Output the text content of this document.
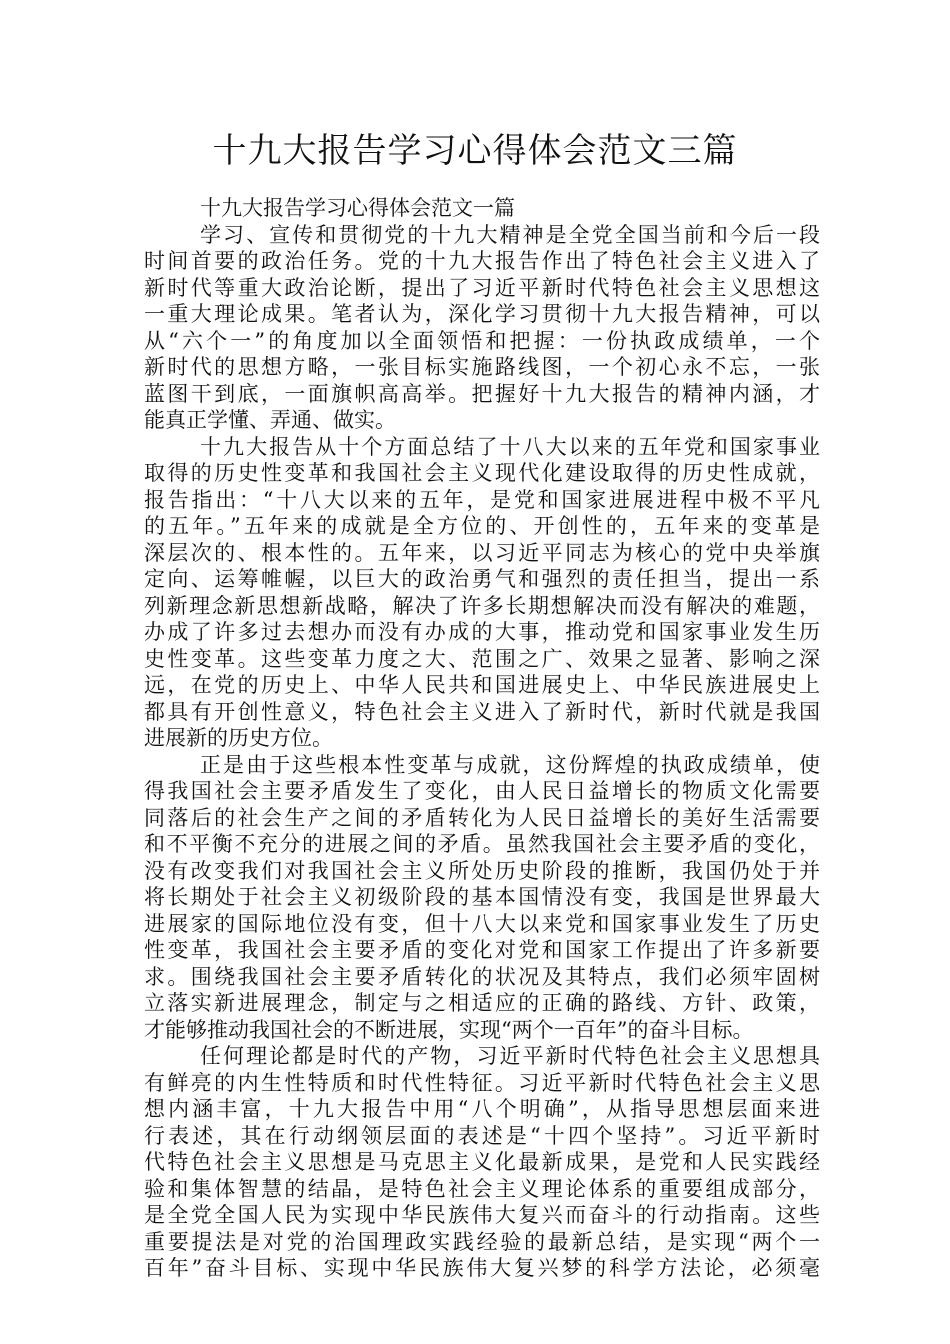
十九大报告学习心得体会范文三篇
十九大报告学习心得体会范文一篇
学习、宣传和贯彻党的十九大精神是全党全国当前和今后一段
时间首要的政治任务。党的十九大报告作出了特色社会主义进入了
新时代等重大政治论断，提出了习近平新时代特色社会主义思想这
一重大理论成果。笔者认为，深化学习贯彻十九大报告精神，可以
从“六个一”的角度加以全面领悟和把握：一份执政成绩单，一个
新时代的思想方略，一张目标实施路线图，一个初心永不忘，一张
蓝图干到底，一面旗帜高高举。把握好十九大报告的精神内涵，才
能真正学懂、弄通、做实。
十九大报告从十个方面总结了十八大以来的五年党和国家事业
取得的历史性变革和我国社会主义现代化建设取得的历史性成就，
报告指出：“十八大以来的五年，是党和国家进展进程中极不平凡
的五年。”五年来的成就是全方位的、开创性的，五年来的变革是
深层次的、根本性的。五年来，以习近平同志为核心的党中央举旗
定向、运筹帷幄，以巨大的政治勇气和强烈的责任担当，提出一系
列新理念新思想新战略，解决了许多长期想解决而没有解决的难题，
办成了许多过去想办而没有办成的大事，推动党和国家事业发生历
史性变革。这些变革力度之大、范围之广、效果之显著、影响之深
远，在党的历史上、中华人民共和国进展史上、中华民族进展史上
都具有开创性意义，特色社会主义进入了新时代，新时代就是我国
进展新的历史方位。
正是由于这些根本性变革与成就，这份辉煌的执政成绩单，使
得我国社会主要矛盾发生了变化，由人民日益增长的物质文化需要
同落后的社会生产之间的矛盾转化为人民日益增长的美好生活需要
和不平衡不充分的进展之间的矛盾。虽然我国社会主要矛盾的变化，
没有改变我们对我国社会主义所处历史阶段的推断，我国仍处于并
将长期处于社会主义初级阶段的基本国情没有变，我国是世界最大
进展家的国际地位没有变，但十八大以来党和国家事业发生了历史
性变革，我国社会主要矛盾的变化对党和国家工作提出了许多新要
求。围绕我国社会主要矛盾转化的状况及其特点，我们必须牢固树
立落实新进展理念，制定与之相适应的正确的路线、方针、政策，
才能够推动我国社会的不断进展，实现“两个一百年”的奋斗目标。
任何理论都是时代的产物，习近平新时代特色社会主义思想具
有鲜亮的内生性特质和时代性特征。习近平新时代特色社会主义思
想内涵丰富，十九大报告中用“八个明确”，从指导思想层面来进
行表述，其在行动纲领层面的表述是“十四个坚持”。习近平新时
代特色社会主义思想是马克思主义化最新成果，是党和人民实践经
验和集体智慧的结晶，是特色社会主义理论体系的重要组成部分，
是全党全国人民为实现中华民族伟大复兴而奋斗的行动指南。这些
重要提法是对党的治国理政实践经验的最新总结，是实现“两个一
百年”奋斗目标、实现中华民族伟大复兴梦的科学方法论，必须毫
